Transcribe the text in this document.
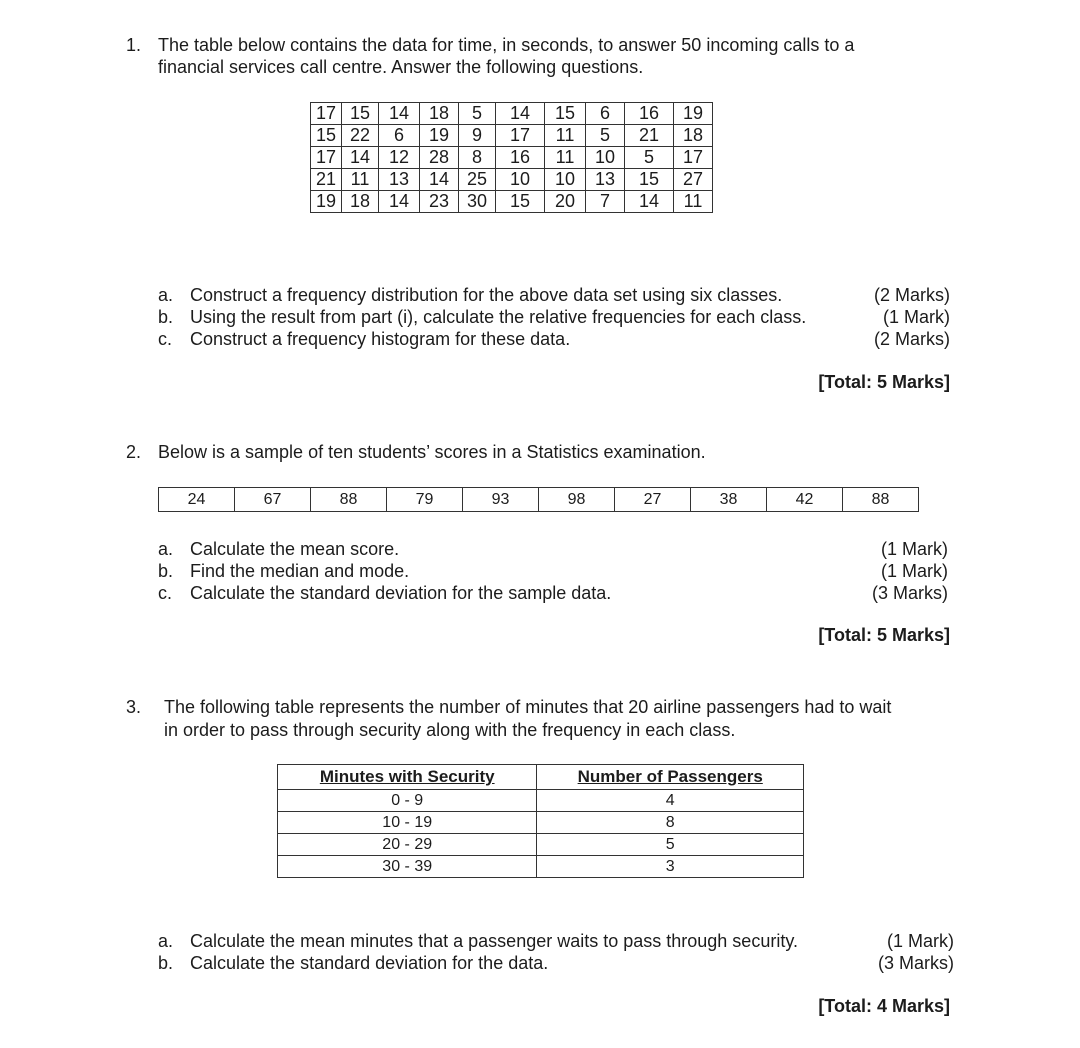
1. The table below contains the data for time, in seconds, to answer 50 incoming calls to a
financial services call centre. Answer the following questions.
17	15	14	18	5	14	15	6	16	19
15	22	6	19	9	17	11	5	21	18
17	14	12	28	8	16	11	10	5	17
21	11	13	14	25	10	10	13	15	27
19	18	14	23	30	15	20	7	14	11
a. Construct a frequency distribution for the above data set using six classes.	(2 Marks)
b. Using the result from part (i), calculate the relative frequencies for each class.	(1 Mark)
c. Construct a frequency histogram for these data.	(2 Marks)
[Total: 5 Marks]
2. Below is a sample of ten students’ scores in a Statistics examination.
24	67	88	79	93	98	27	38	42	88
a. Calculate the mean score.	(1 Mark)
b. Find the median and mode.	(1 Mark)
c. Calculate the standard deviation for the sample data.	(3 Marks)
[Total: 5 Marks]
3. The following table represents the number of minutes that 20 airline passengers had to wait
in order to pass through security along with the frequency in each class.
Minutes with Security	Number of Passengers
0 - 9	4
10 - 19	8
20 - 29	5
30 - 39	3
a. Calculate the mean minutes that a passenger waits to pass through security.	(1 Mark)
b. Calculate the standard deviation for the data.	(3 Marks)
[Total: 4 Marks]
